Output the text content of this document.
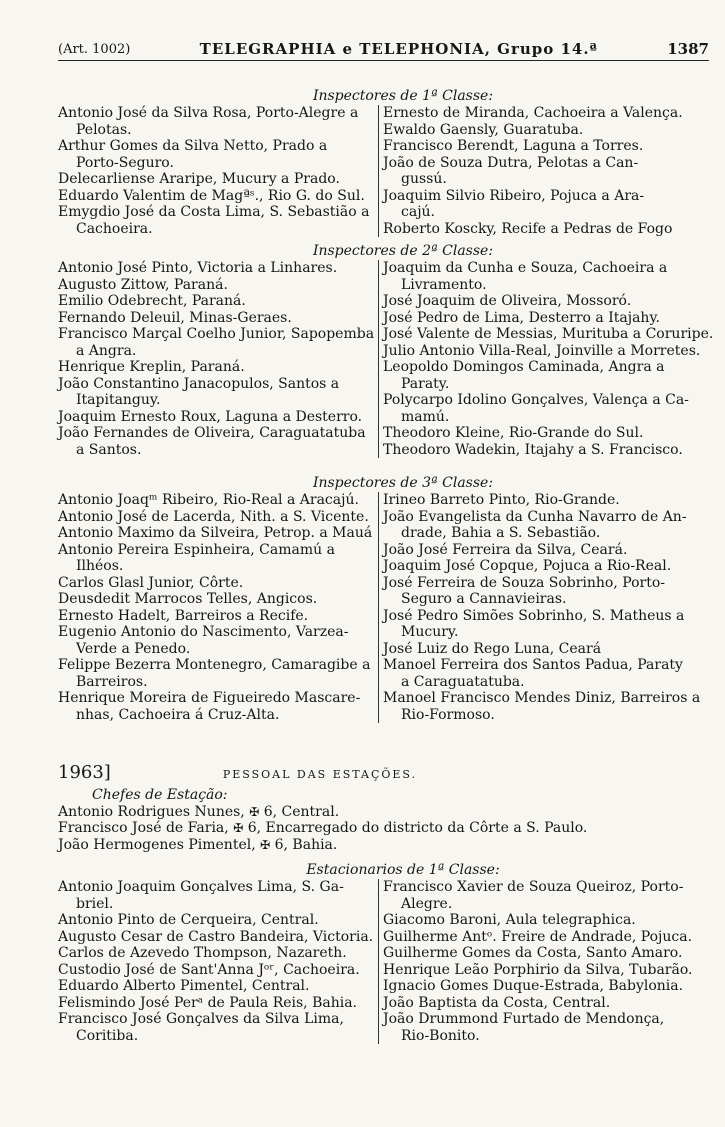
(Art. 1002)	TELEGRAPHIA e TELEPHONIA, Grupo 14.ª	1387
Inspectores de 1ª Classe:
Antonio José da Silva Rosa, Porto-Alegre a
Pelotas.
Arthur Gomes da Silva Netto, Prado a
Porto-Seguro.
Delecarliense Araripe, Mucury a Prado.
Eduardo Valentim de Magªˢ., Rio G. do Sul.
Emygdio José da Costa Lima, S. Sebastião a
Cachoeira.
Ernesto de Miranda, Cachoeira a Valença.
Ewaldo Gaensly, Guaratuba.
Francisco Berendt, Laguna a Torres.
João de Souza Dutra, Pelotas a Can-
gussú.
Joaquim Silvio Ribeiro, Pojuca a Ara-
cajú.
Roberto Koscky, Recife a Pedras de Fogo
Inspectores de 2ª Classe:
Antonio José Pinto, Victoria a Linhares.
Augusto Zittow, Paraná.
Emilio Odebrecht, Paraná.
Fernando Deleuil, Minas-Geraes.
Francisco Marçal Coelho Junior, Sapopemba
a Angra.
Henrique Kreplin, Paraná.
João Constantino Janacopulos, Santos a
Itapitanguy.
Joaquim Ernesto Roux, Laguna a Desterro.
João Fernandes de Oliveira, Caraguatatuba
a Santos.
Joaquim da Cunha e Souza, Cachoeira a
Livramento.
José Joaquim de Oliveira, Mossoró.
José Pedro de Lima, Desterro a Itajahy.
José Valente de Messias, Murituba a Coruripe.
Julio Antonio Villa-Real, Joinville a Morretes.
Leopoldo Domingos Caminada, Angra a
Paraty.
Polycarpo Idolino Gonçalves, Valença a Ca-
mamú.
Theodoro Kleine, Rio-Grande do Sul.
Theodoro Wadekin, Itajahy a S. Francisco.
Inspectores de 3ª Classe:
Antonio Joaqᵐ Ribeiro, Rio-Real a Aracajú.
Antonio José de Lacerda, Nith. a S. Vicente.
Antonio Maximo da Silveira, Petrop. a Mauá
Antonio Pereira Espinheira, Camamú a
Ilhéos.
Carlos Glasl Junior, Côrte.
Deusdedit Marrocos Telles, Angicos.
Ernesto Hadelt, Barreiros a Recife.
Eugenio Antonio do Nascimento, Varzea-
Verde a Penedo.
Felippe Bezerra Montenegro, Camaragibe a
Barreiros.
Henrique Moreira de Figueiredo Mascare-
nhas, Cachoeira á Cruz-Alta.
Irineo Barreto Pinto, Rio-Grande.
João Evangelista da Cunha Navarro de An-
drade, Bahia a S. Sebastião.
João José Ferreira da Silva, Ceará.
Joaquim José Copque, Pojuca a Rio-Real.
José Ferreira de Souza Sobrinho, Porto-
Seguro a Cannavieiras.
José Pedro Simões Sobrinho, S. Matheus a
Mucury.
José Luiz do Rego Luna, Ceará
Manoel Ferreira dos Santos Padua, Paraty
a Caraguatatuba.
Manoel Francisco Mendes Diniz, Barreiros a
Rio-Formoso.
1963]	PESSOAL DAS ESTAÇÕES.
Chefes de Estação:
Antonio Rodrigues Nunes, ✠ 6, Central.
Francisco José de Faria, ✠ 6, Encarregado do districto da Côrte a S. Paulo.
João Hermogenes Pimentel, ✠ 6, Bahia.
Estacionarios de 1ª Classe:
Antonio Joaquim Gonçalves Lima, S. Ga-
briel.
Antonio Pinto de Cerqueira, Central.
Augusto Cesar de Castro Bandeira, Victoria.
Carlos de Azevedo Thompson, Nazareth.
Custodio José de Sant'Anna Jᵒʳ, Cachoeira.
Eduardo Alberto Pimentel, Central.
Felismindo José Perᵃ de Paula Reis, Bahia.
Francisco José Gonçalves da Silva Lima,
Coritiba.
Francisco Xavier de Souza Queiroz, Porto-
Alegre.
Giacomo Baroni, Aula telegraphica.
Guilherme Antᵒ. Freire de Andrade, Pojuca.
Guilherme Gomes da Costa, Santo Amaro.
Henrique Leão Porphirio da Silva, Tubarão.
Ignacio Gomes Duque-Estrada, Babylonia.
João Baptista da Costa, Central.
João Drummond Furtado de Mendonça,
Rio-Bonito.
